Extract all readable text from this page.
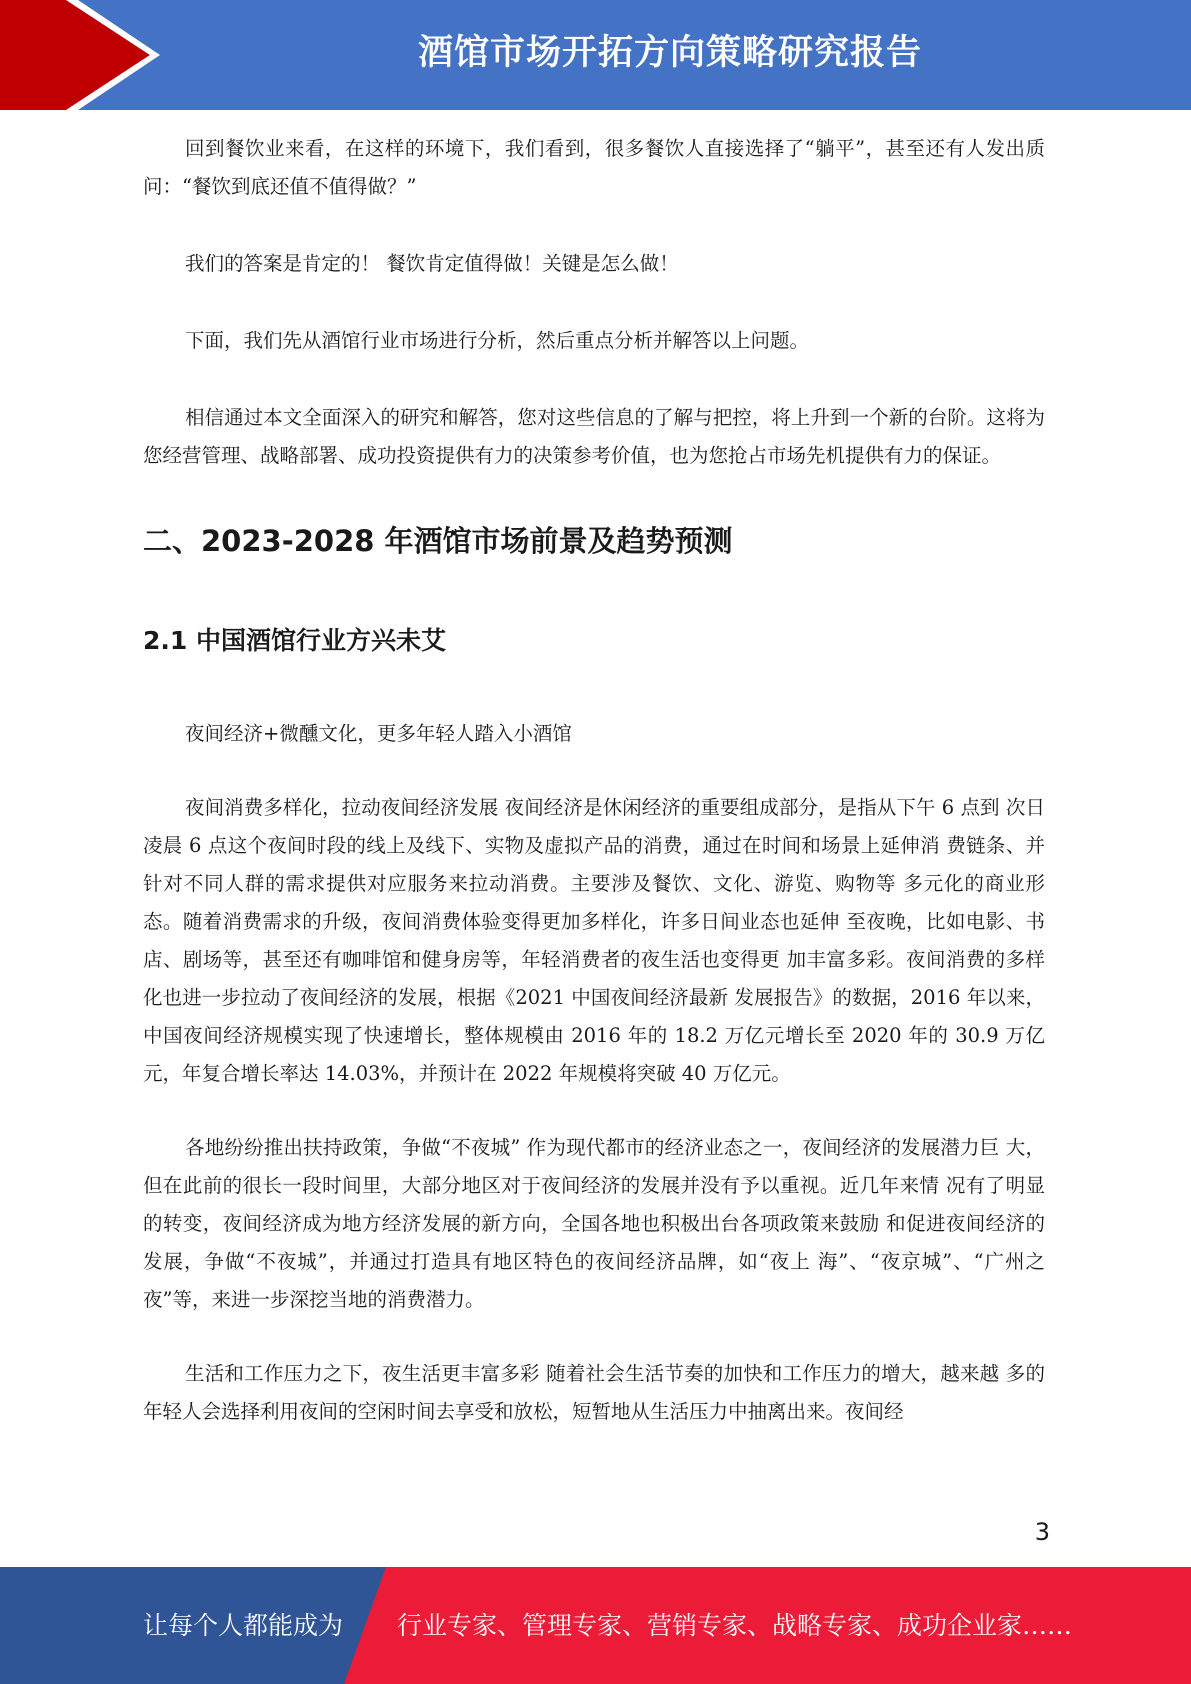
酒馆市场开拓方向策略研究报告

回到餐饮业来看，在这样的环境下，我们看到，很多餐饮人直接选择了“躺平”，甚至还有人发出质问：“餐饮到底还值不值得做？”

我们的答案是肯定的！ 餐饮肯定值得做！关键是怎么做！

下面，我们先从酒馆行业市场进行分析，然后重点分析并解答以上问题。

相信通过本文全面深入的研究和解答，您对这些信息的了解与把控，将上升到一个新的台阶。这将为您经营管理、战略部署、成功投资提供有力的决策参考价值，也为您抢占市场先机提供有力的保证。

二、2023-2028 年酒馆市场前景及趋势预测
2.1 中国酒馆行业方兴未艾

夜间经济+微醺文化，更多年轻人踏入小酒馆

夜间消费多样化，拉动夜间经济发展 夜间经济是休闲经济的重要组成部分，是指从下午 6 点到 次日凌晨 6 点这个夜间时段的线上及线下、实物及虚拟产品的消费，通过在时间和场景上延伸消 费链条、并针对不同人群的需求提供对应服务来拉动消费。主要涉及餐饮、文化、游览、购物等 多元化的商业形态。随着消费需求的升级，夜间消费体验变得更加多样化，许多日间业态也延伸 至夜晚，比如电影、书店、剧场等，甚至还有咖啡馆和健身房等，年轻消费者的夜生活也变得更 加丰富多彩。夜间消费的多样化也进一步拉动了夜间经济的发展，根据《2021 中国夜间经济最新 发展报告》的数据，2016 年以来，中国夜间经济规模实现了快速增长，整体规模由 2016 年的 18.2 万亿元增长至 2020 年的 30.9 万亿元，年复合增长率达 14.03%，并预计在 2022 年规模将突破 40 万亿元。

各地纷纷推出扶持政策，争做“不夜城” 作为现代都市的经济业态之一，夜间经济的发展潜力巨 大，但在此前的很长一段时间里，大部分地区对于夜间经济的发展并没有予以重视。近几年来情 况有了明显的转变，夜间经济成为地方经济发展的新方向，全国各地也积极出台各项政策来鼓励 和促进夜间经济的发展，争做“不夜城”，并通过打造具有地区特色的夜间经济品牌，如“夜上 海”、“夜京城”、“广州之夜”等，来进一步深挖当地的消费潜力。

生活和工作压力之下，夜生活更丰富多彩 随着社会生活节奏的加快和工作压力的增大，越来越 多的年轻人会选择利用夜间的空闲时间去享受和放松，短暂地从生活压力中抽离出来。夜间经

3
让每个人都能成为 行业专家、管理专家、营销专家、战略专家、成功企业家……
